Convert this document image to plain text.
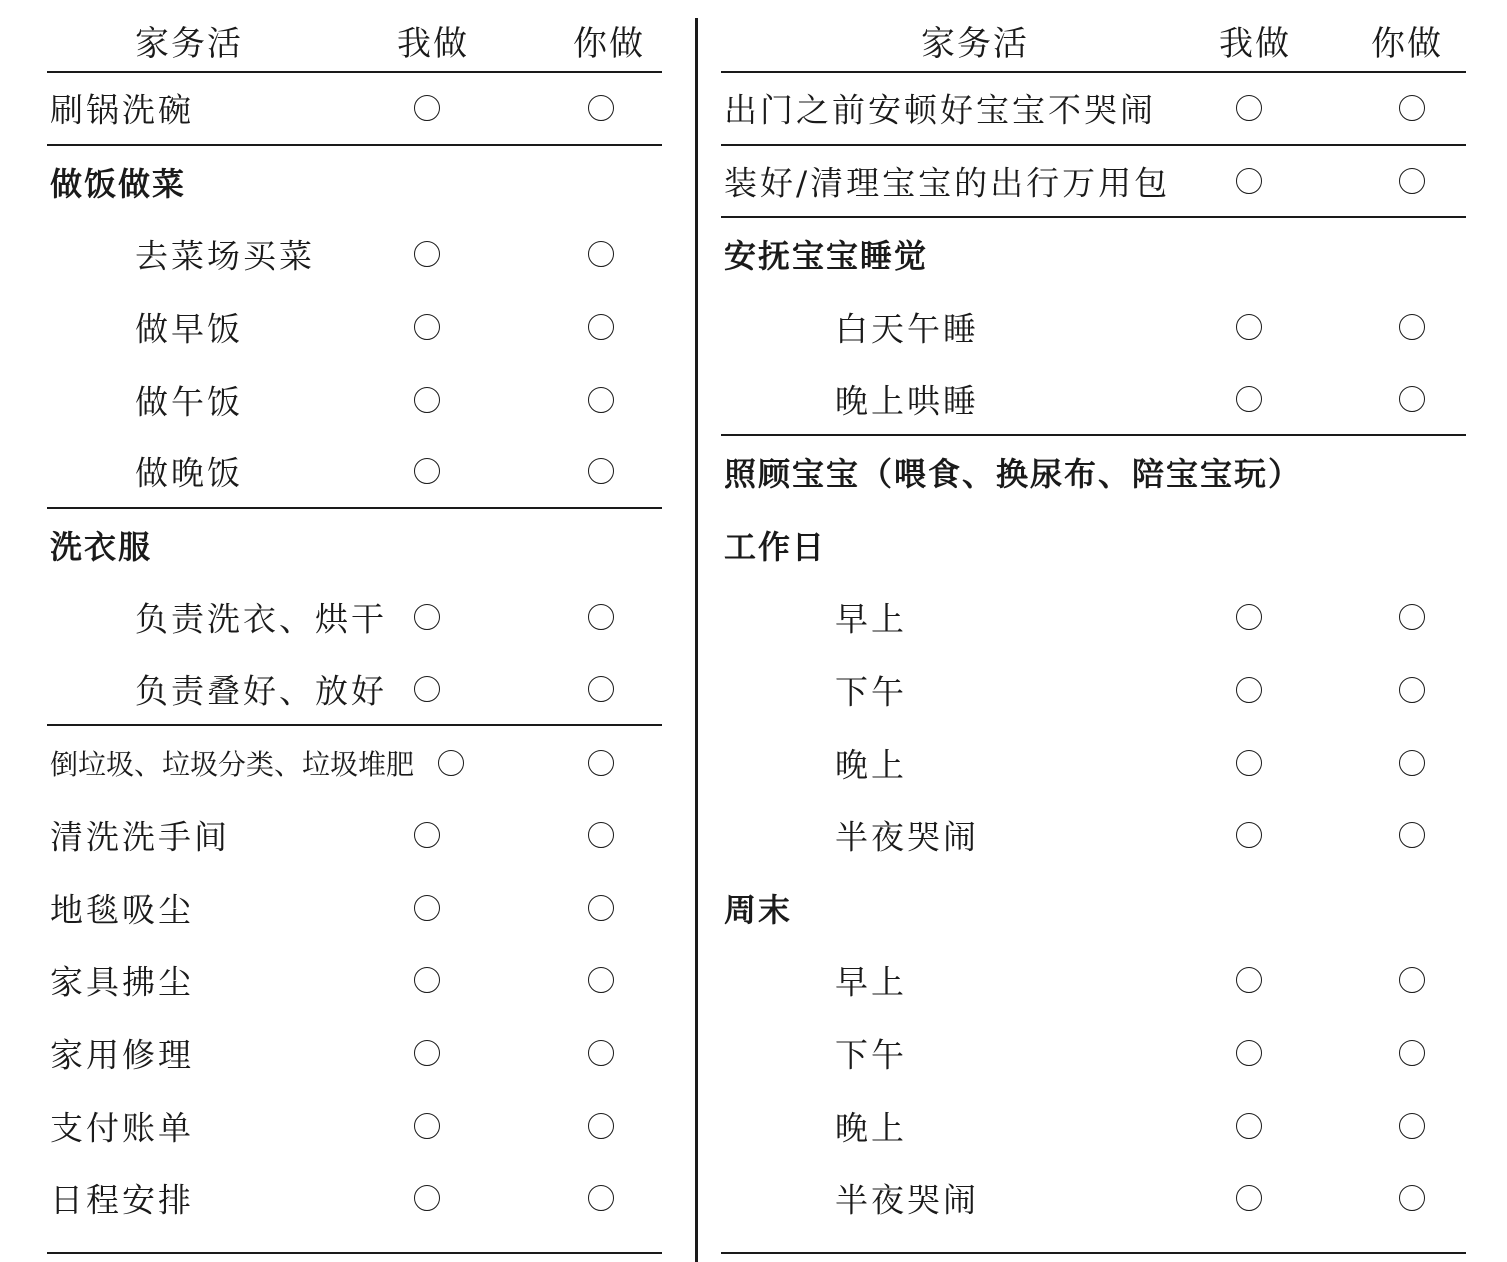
家务活	我做	你做
刷锅洗碗
做饭做菜
去菜场买菜
做早饭
做午饭
做晚饭
洗衣服
负责洗衣、烘干
负责叠好、放好
倒垃圾、垃圾分类、垃圾堆肥
清洗洗手间
地毯吸尘
家具拂尘
家用修理
支付账单
日程安排
家务活	我做 你做
出门之前安顿好宝宝不哭闹
装好/清理宝宝的出行万用包
安抚宝宝睡觉
白天午睡
晚上哄睡
照顾宝宝（喂食、换尿布、陪宝宝玩）
工作日
早上
下午
晚上
半夜哭闹
周末
早上
下午
晚上
半夜哭闹
